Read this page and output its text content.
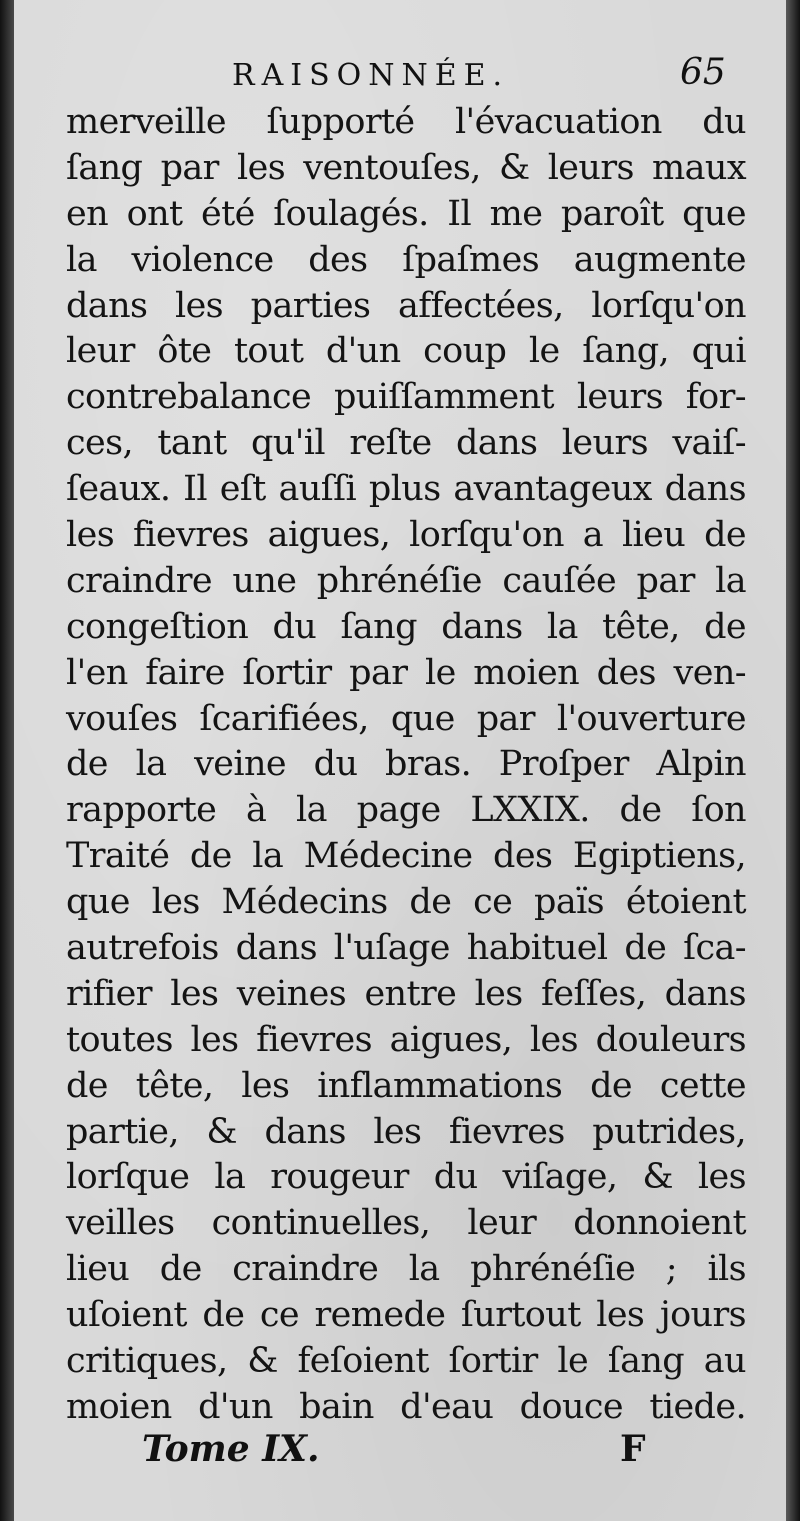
RAISONNÉE.	65
merveille ſupporté l'évacuation du
ſang par les ventouſes, & leurs maux
en ont été ſoulagés. Il me paroît que
la violence des ſpaſmes augmente
dans les parties affectées, lorſqu'on
leur ôte tout d'un coup le ſang, qui
contrebalance puiſſamment leurs for-
ces, tant qu'il reſte dans leurs vaiſ-
ſeaux. Il eſt auſſi plus avantageux dans
les fievres aigues, lorſqu'on a lieu de
craindre une phrénéſie cauſée par la
congeſtion du ſang dans la tête, de
l'en faire ſortir par le moien des ven-
vouſes ſcarifiées, que par l'ouverture
de la veine du bras. Proſper Alpin
rapporte à la page LXXIX. de ſon
Traité de la Médecine des Egiptiens,
que les Médecins de ce païs étoient
autrefois dans l'uſage habituel de ſca-
rifier les veines entre les feſſes, dans
toutes les fievres aigues, les douleurs
de tête, les inflammations de cette
partie, & dans les fievres putrides,
lorſque la rougeur du viſage, & les
veilles continuelles, leur donnoient
lieu de craindre la phrénéſie ; ils
uſoient de ce remede ſurtout les jours
critiques, & feſoient ſortir le ſang au
moien d'un bain d'eau douce tiede.
Tome IX.	F
